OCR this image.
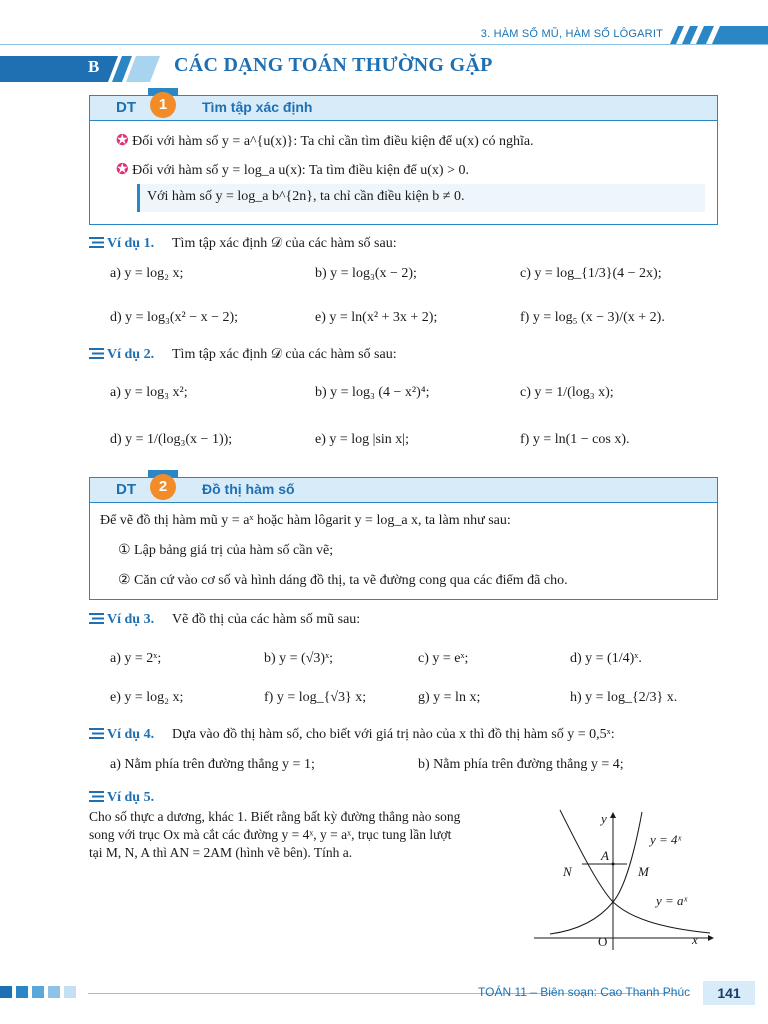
3. HÀM SỐ MŨ, HÀM SỐ LÔGARIT
B	CÁC DẠNG TOÁN THƯỜNG GẶP
DT	1	Tìm tập xác định
✪ Đối với hàm số y = a^{u(x)}: Ta chỉ cần tìm điều kiện để u(x) có nghĩa.
✪ Đối với hàm số y = log_a u(x): Ta tìm điều kiện để u(x) > 0.
Với hàm số y = log_a b^{2n}, ta chỉ cần điều kiện b ≠ 0.
Ví dụ 1. Tìm tập xác định 𝒟 của các hàm số sau:
a) y = log₂ x;	b) y = log₃(x − 2);	c) y = log_{1/3}(4 − 2x);
d) y = log₃(x² − x − 2);	e) y = ln(x² + 3x + 2);	f) y = log₅ (x − 3)/(x + 2).
Ví dụ 2. Tìm tập xác định 𝒟 của các hàm số sau:
a) y = log₃ x²;	b) y = log₃ (4 − x²)⁴;	c) y = 1/(log₃ x);
d) y = 1/(log₃(x − 1));	e) y = log |sin x|;	f) y = ln(1 − cos x).
DT	2	Đồ thị hàm số
Để vẽ đồ thị hàm mũ y = aˣ hoặc hàm lôgarit y = log_a x, ta làm như sau:
① Lập bảng giá trị của hàm số cần vẽ;
② Căn cứ vào cơ số và hình dáng đồ thị, ta vẽ đường cong qua các điểm đã cho.
Ví dụ 3. Vẽ đồ thị của các hàm số mũ sau:
a) y = 2ˣ;	b) y = (√3)ˣ;	c) y = eˣ;	d) y = (1/4)ˣ.
e) y = log₂ x;	f) y = log_{√3} x;	g) y = ln x;	h) y = log_{2/3} x.
Ví dụ 4. Dựa vào đồ thị hàm số, cho biết với giá trị nào của x thì đồ thị hàm số y = 0,5ˣ:
a) Nằm phía trên đường thẳng y = 1;	b) Nằm phía trên đường thẳng y = 4;
Ví dụ 5.
Cho số thực a dương, khác 1. Biết rằng bất kỳ đường thẳng nào song
song với trục Ox mà cắt các đường y = 4ˣ, y = aˣ, trục tung lần lượt
tại M, N, A thì AN = 2AM (hình vẽ bên). Tính a.
y
x
O
A
N	M
y = 4ˣ
y = aˣ
TOÁN 11 – Biên soạn: Cao Thanh Phúc	141
